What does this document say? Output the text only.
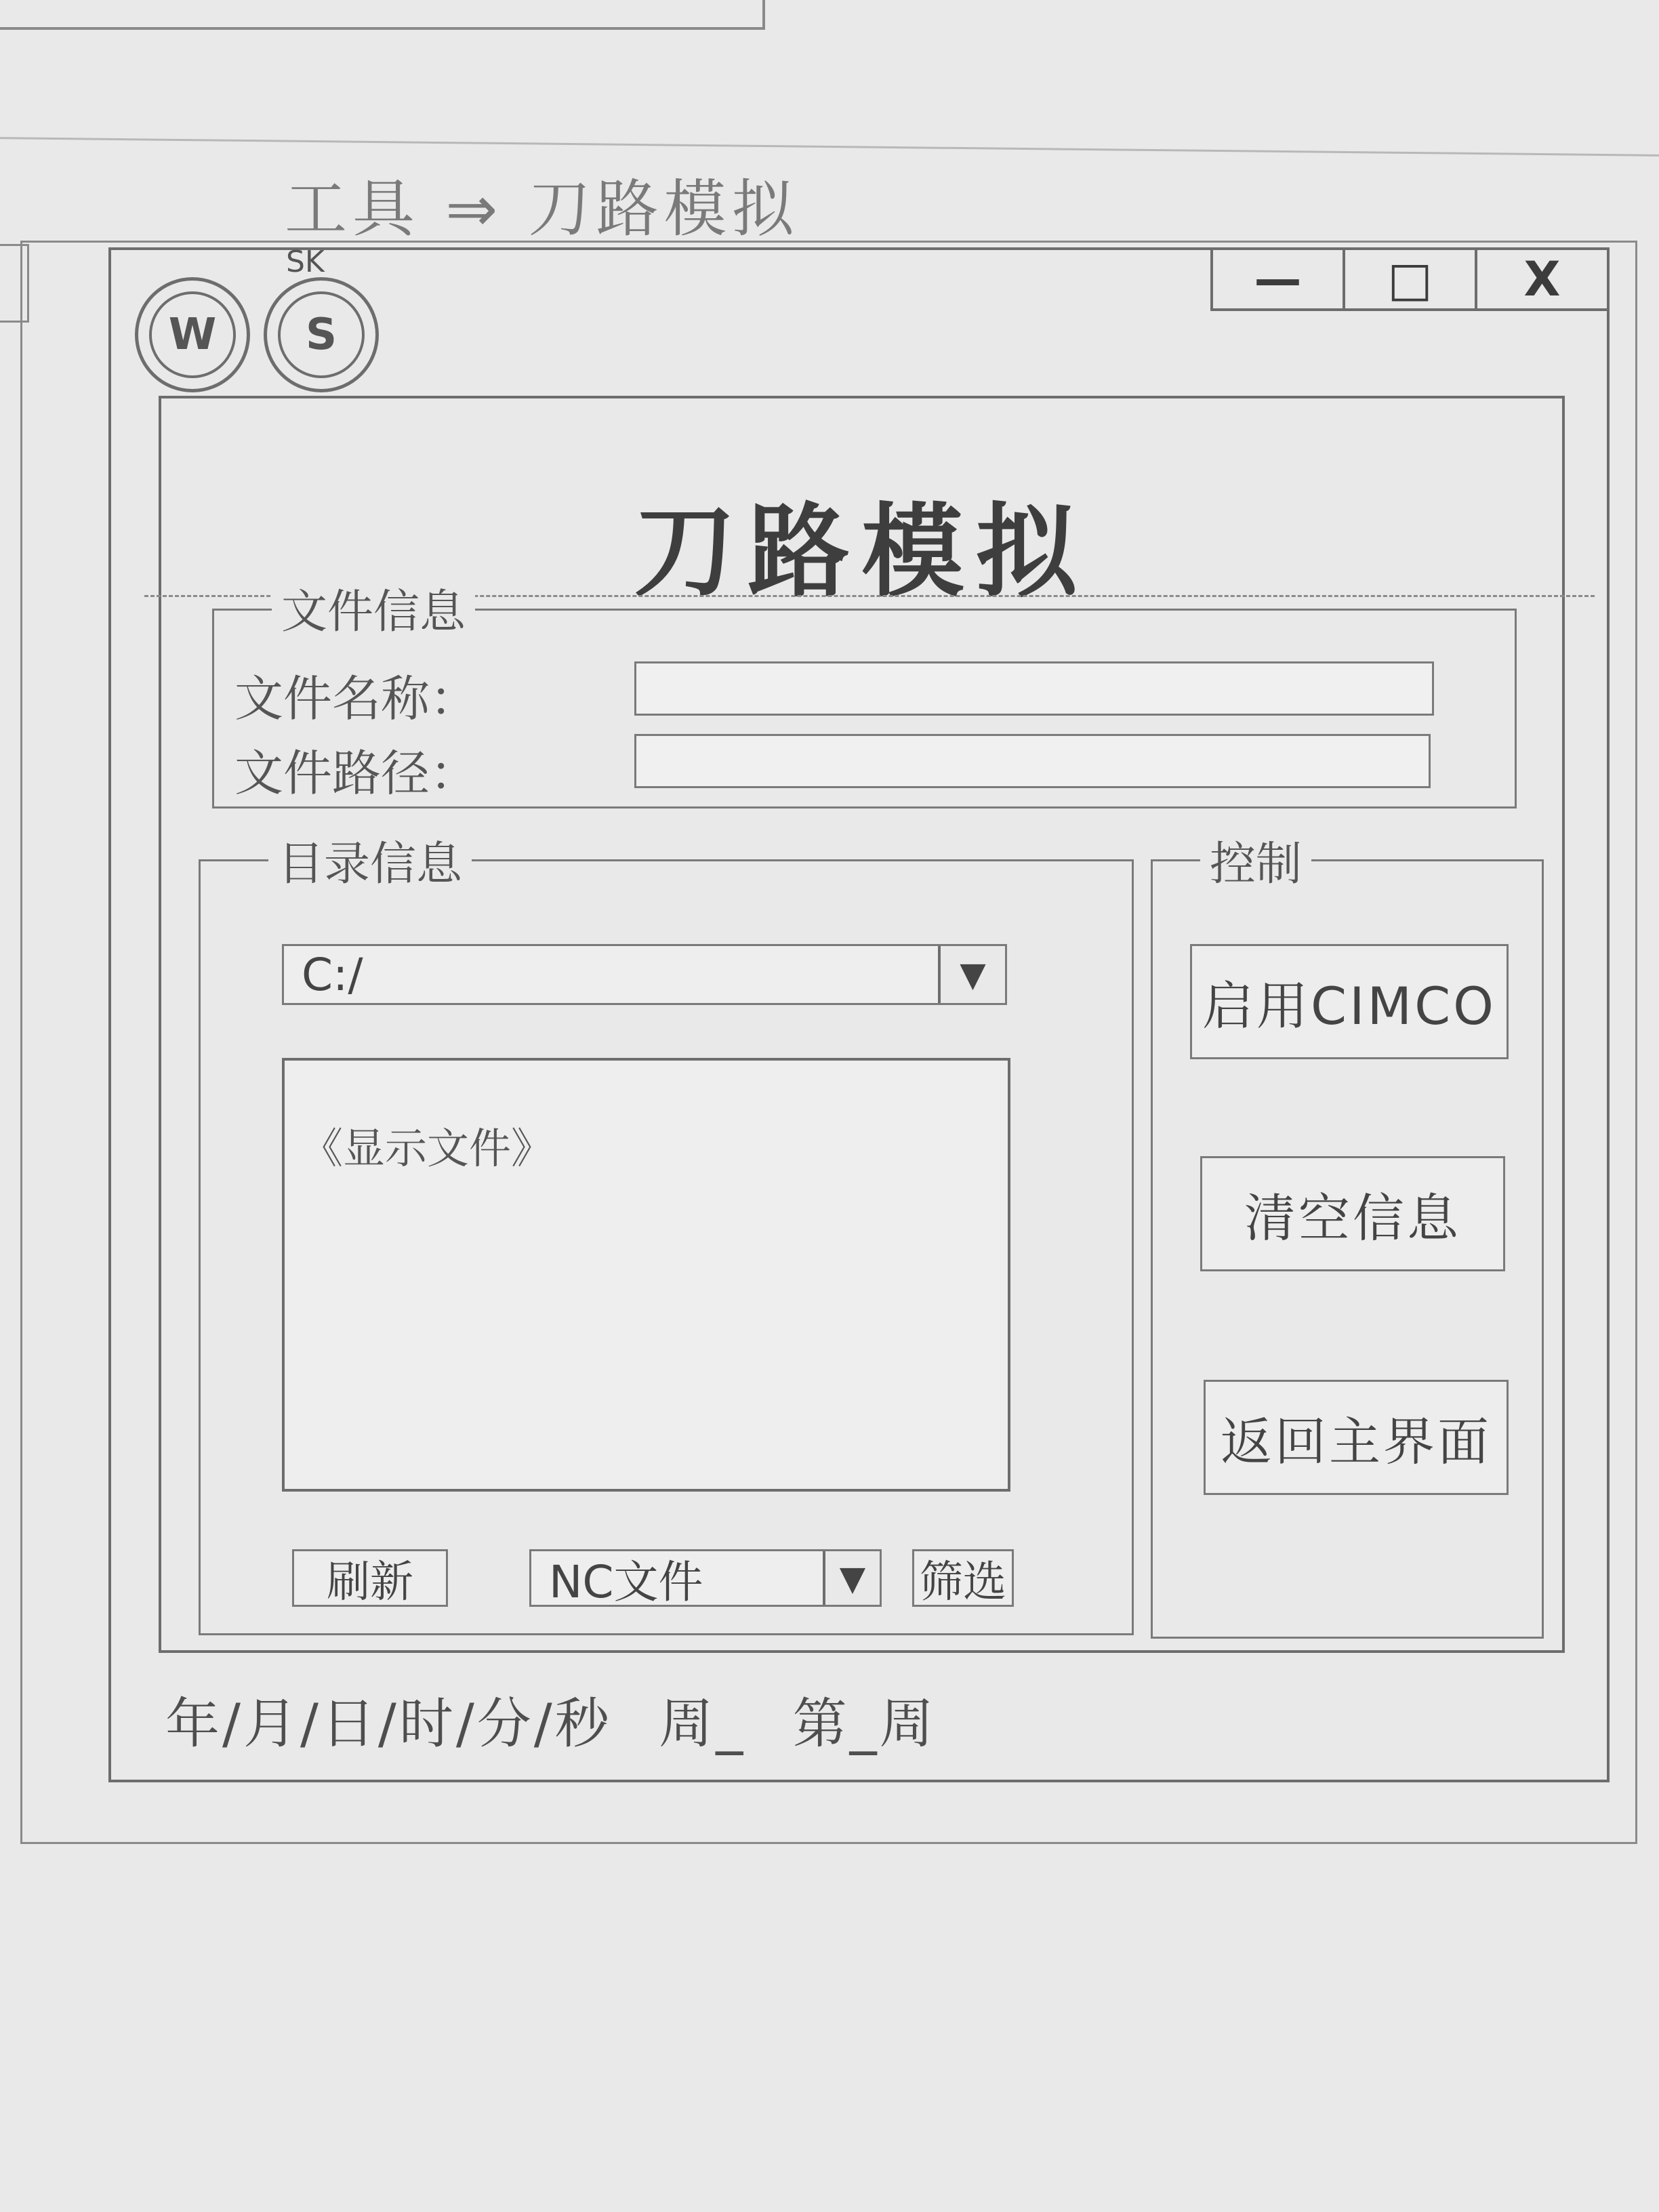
工具 ⇒ 刀路模拟
W
SK
S
—	□	X
刀路模拟
文件信息
文件名称：
文件路径：
目录信息
C:/	▼
《显示文件》
刷新	NC文件	▼	筛选
控制
启用CIMCO
清空信息
返回主界面
年/月/日/时/分/秒 周_ 第_周
